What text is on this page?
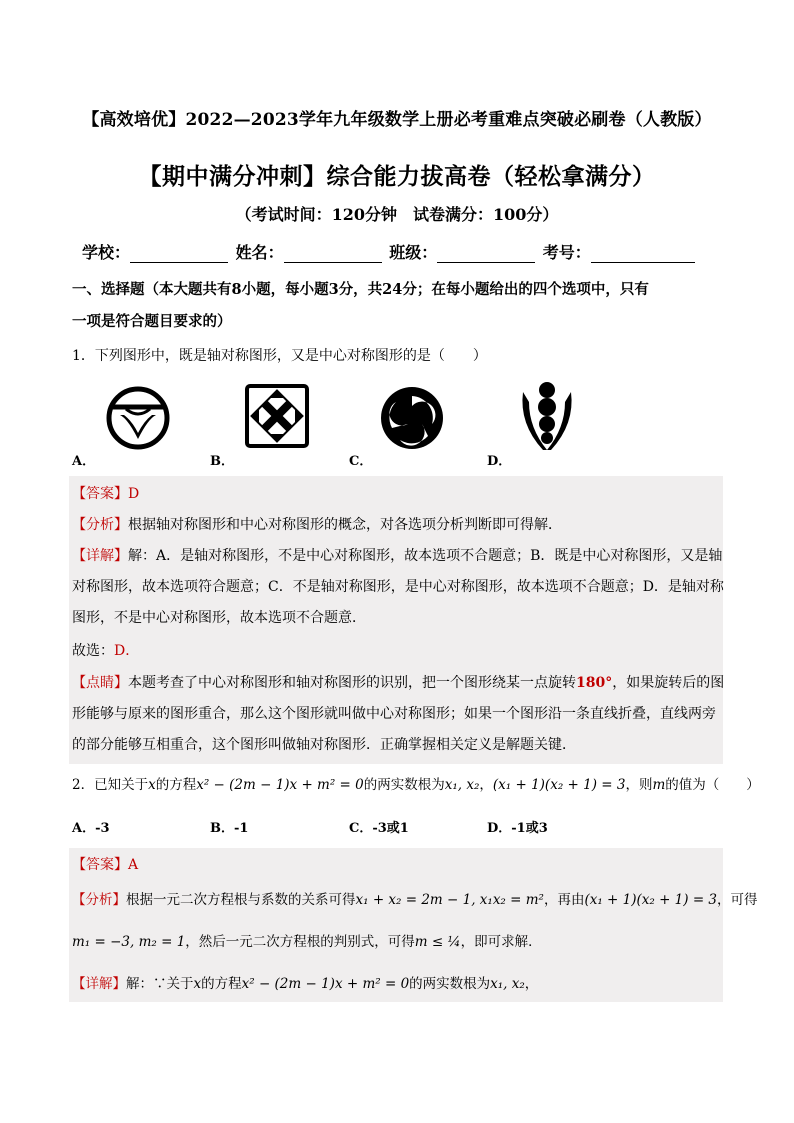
【高效培优】2022—2023学年九年级数学上册必考重难点突破必刷卷（人教版）
【期中满分冲刺】综合能力拔高卷（轻松拿满分）
（考试时间：120分钟　试卷满分：100分）
学校：	姓名：	班级：	考号：
一、选择题（本大题共有8小题，每小题3分，共24分；在每小题给出的四个选项中，只有
一项是符合题目要求的）
1．下列图形中，既是轴对称图形，又是中心对称图形的是（　　）
A．	B．	C．	D．
【答案】D
【分析】根据轴对称图形和中心对称图形的概念，对各选项分析判断即可得解．
【详解】解：A．是轴对称图形，不是中心对称图形，故本选项不合题意；B．既是中心对称图形，又是轴
对称图形，故本选项符合题意；C．不是轴对称图形，是中心对称图形，故本选项不合题意；D．是轴对称
图形，不是中心对称图形，故本选项不合题意．
故选：D．
【点睛】本题考查了中心对称图形和轴对称图形的识别，把一个图形绕某一点旋转180°，如果旋转后的图
形能够与原来的图形重合，那么这个图形就叫做中心对称图形；如果一个图形沿一条直线折叠，直线两旁
的部分能够互相重合，这个图形叫做轴对称图形．正确掌握相关定义是解题关键．
2．已知关于x的方程x² − (2m − 1)x + m² = 0的两实数根为x₁, x₂，(x₁ + 1)(x₂ + 1) = 3，则m的值为（　　）
A．-3	B．-1	C．-3或1	D．-1或3
【答案】A
【分析】根据一元二次方程根与系数的关系可得x₁ + x₂ = 2m − 1, x₁x₂ = m²，再由(x₁ + 1)(x₂ + 1) = 3，可得
m₁ = −3, m₂ = 1，然后一元二次方程根的判别式，可得m ≤ ¼，即可求解．
【详解】解：∵关于x的方程x² − (2m − 1)x + m² = 0的两实数根为x₁, x₂，
